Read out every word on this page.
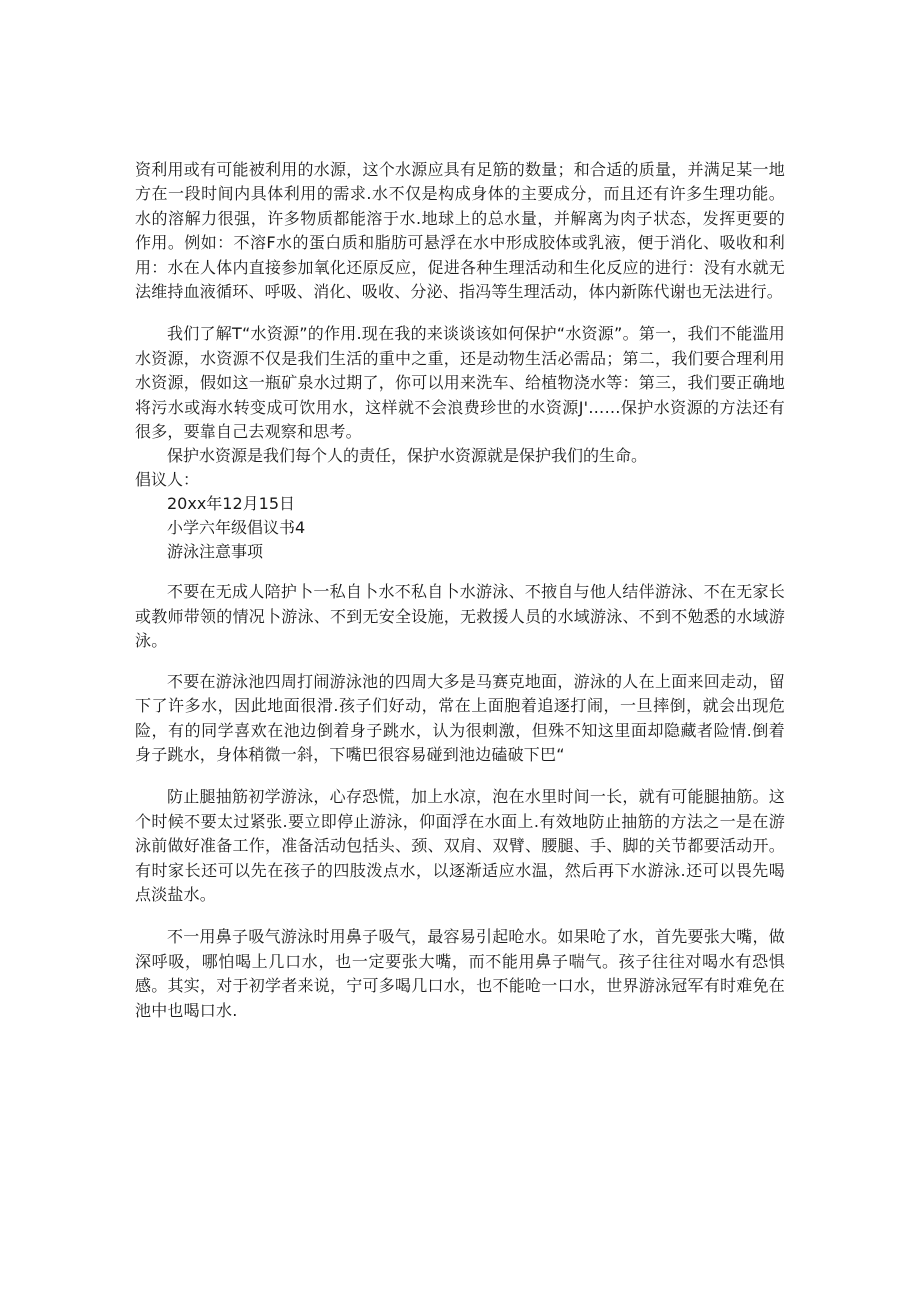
资利用或有可能被利用的水源，这个水源应具有足筋的数量；和合适的质量，并满足某一地方在一段时间内具体利用的需求.水不仅是构成身体的主要成分，而且还有许多生理功能。水的溶解力很强，许多物质都能溶于水.地球上的总水量，并解离为肉子状态，发挥更要的作用。例如：不溶F水的蛋白质和脂肪可悬浮在水中形成胶体或乳液，便于消化、吸收和利用：水在人体内直接参加氧化还原反应，促进各种生理活动和生化反应的进行：没有水就无法维持血液循环、呼吸、消化、吸收、分泌、指冯等生理活动，体内新陈代谢也无法进行。

我们了解T“水资源”的作用.现在我的来谈谈该如何保护“水资源”。第一，我们不能滥用水资源，水资源不仅是我们生活的重中之重，还是动物生活必需品；第二，我们要合理利用水资源，假如这一瓶矿泉水过期了，你可以用来洗车、给植物浇水等：第三，我们要正确地将污水或海水转变成可饮用水，这样就不会浪费珍世的水资源J'……保护水资源的方法还有很多，要靠自己去观察和思考。

保护水资源是我们每个人的责任，保护水资源就是保护我们的生命。

倡议人：

20xx年12月15日

小学六年级倡议书4

游泳注意事项

不要在无成人陪护卜一私自卜水不私自卜水游泳、不掖自与他人结伴游泳、不在无家长或教师带领的情况卜游泳、不到无安全设施，无救援人员的水域游泳、不到不勉悉的水域游泳。

不要在游泳池四周打闹游泳池的四周大多是马赛克地面，游泳的人在上面来回走动，留下了许多水，因此地面很滑.孩子们好动，常在上面胞着追逐打闹，一旦摔倒，就会出现危险，有的同学喜欢在池边倒着身子跳水，认为很刺激，但殊不知这里面却隐藏者险情.倒着身子跳水，身体稍微一斜，下嘴巴很容易碰到池边磕破下巴“

防止腿抽筋初学游泳，心存恐慌，加上水凉，泡在水里时间一长，就有可能腿抽筋。这个时候不要太过紧张.要立即停止游泳，仰面浮在水面上.有效地防止抽筋的方法之一是在游泳前做好准备工作，准备活动包括头、颈、双肩、双臂、腰腿、手、脚的关节都要活动开。有时家长还可以先在孩子的四肢泼点水，以逐渐适应水温，然后再下水游泳.还可以畏先喝点淡盐水。

不一用鼻子吸气游泳时用鼻子吸气，最容易引起呛水。如果呛了水，首先要张大嘴，做深呼吸，哪怕喝上几口水，也一定要张大嘴，而不能用鼻子喘气。孩子往往对喝水有恐惧感。其实，对于初学者来说，宁可多喝几口水，也不能呛一口水，世界游泳冠军有时难免在池中也喝口水.
